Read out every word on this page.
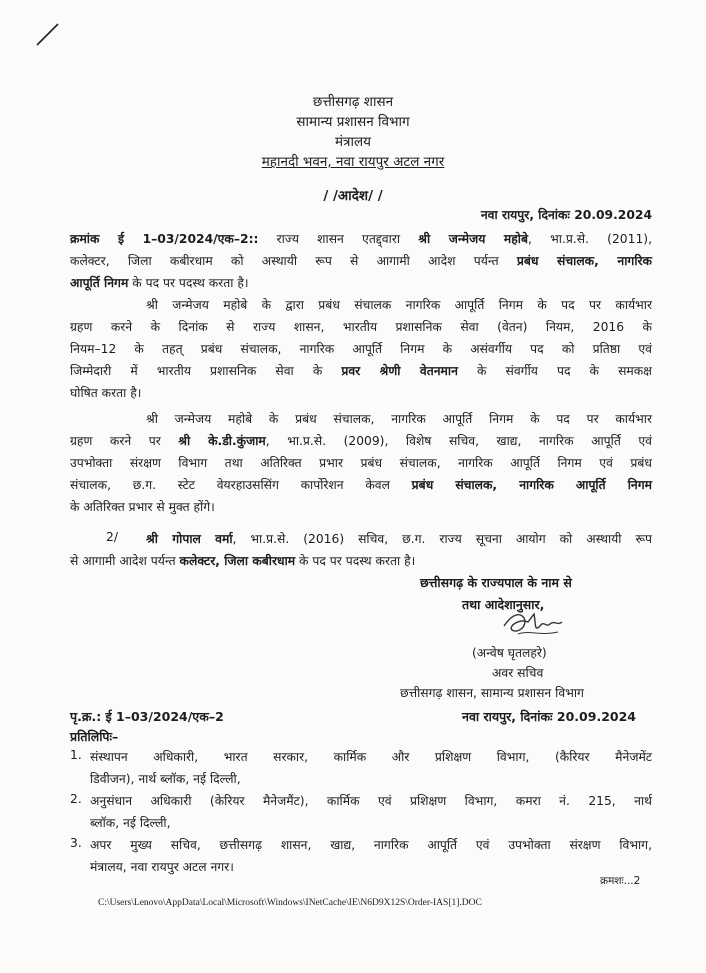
छत्तीसगढ़ शासन
सामान्य प्रशासन विभाग
मंत्रालय
महानदी भवन, नवा रायपुर अटल नगर
/ /आदेश/ /
नवा रायपुर, दिनांकः 20.09.2024
क्रमांक ई 1–03/2024/एक–2:: राज्य शासन एतद्द्वारा श्री जन्मेजय महोबे, भा.प्र.से. (2011),
कलेक्टर, जिला कबीरधाम को अस्थायी रूप से आगामी आदेश पर्यन्त प्रबंध संचालक, नागरिक
आपूर्ति निगम के पद पर पदस्थ करता है।
श्री जन्मेजय महोबे के द्वारा प्रबंध संचालक नागरिक आपूर्ति निगम के पद पर कार्यभार
ग्रहण करने के दिनांक से राज्य शासन, भारतीय प्रशासनिक सेवा (वेतन) नियम, 2016 के
नियम–12 के तहत् प्रबंध संचालक, नागरिक आपूर्ति निगम के असंवर्गीय पद को प्रतिष्ठा एवं
जिम्मेदारी में भारतीय प्रशासनिक सेवा के प्रवर श्रेणी वेतनमान के संवर्गीय पद के समकक्ष
घोषित करता है।
श्री जन्मेजय महोबे के प्रबंध संचालक, नागरिक आपूर्ति निगम के पद पर कार्यभार
ग्रहण करने पर श्री के.डी.कुंजाम, भा.प्र.से. (2009), विशेष सचिव, खाद्य, नागरिक आपूर्ति एवं
उपभोक्ता संरक्षण विभाग तथा अतिरिक्त प्रभार प्रबंध संचालक, नागरिक आपूर्ति निगम एवं प्रबंध
संचालक, छ.ग. स्टेट वेयरहाउससिंग कार्पोरेशन केवल प्रबंध संचालक, नागरिक आपूर्ति निगम
के अतिरिक्त प्रभार से मुक्त होंगे।
2/	श्री गोपाल वर्मा, भा.प्र.से. (2016) सचिव, छ.ग. राज्य सूचना आयोग को अस्थायी रूप
से आगामी आदेश पर्यन्त कलेक्टर, जिला कबीरधाम के पद पर पदस्थ करता है।
छत्तीसगढ़ के राज्यपाल के नाम से
तथा आदेशानुसार,
(अन्वेष घृतलहरे)
अवर सचिव
छत्तीसगढ़ शासन, सामान्य प्रशासन विभाग
पृ.क्र.: ई 1–03/2024/एक–2	नवा रायपुर, दिनांकः 20.09.2024
प्रतिलिपिः–
1. संस्थापन अधिकारी, भारत सरकार, कार्मिक और प्रशिक्षण विभाग, (कैरियर मैनेजमेंट
डिवीजन), नार्थ ब्लॉक, नई दिल्ली,
2. अनुसंधान अधिकारी (केरियर मैनेजमैंट), कार्मिक एवं प्रशिक्षण विभाग, कमरा नं. 215, नार्थ
ब्लॉक, नई दिल्ली,
3. अपर मुख्य सचिव, छत्तीसगढ़ शासन, खाद्य, नागरिक आपूर्ति एवं उपभोक्ता संरक्षण विभाग,
मंत्रालय, नवा रायपुर अटल नगर।
क्रमशः...2
C:\Users\Lenovo\AppData\Local\Microsoft\Windows\INetCache\IE\N6D9X12S\Order-IAS[1].DOC
